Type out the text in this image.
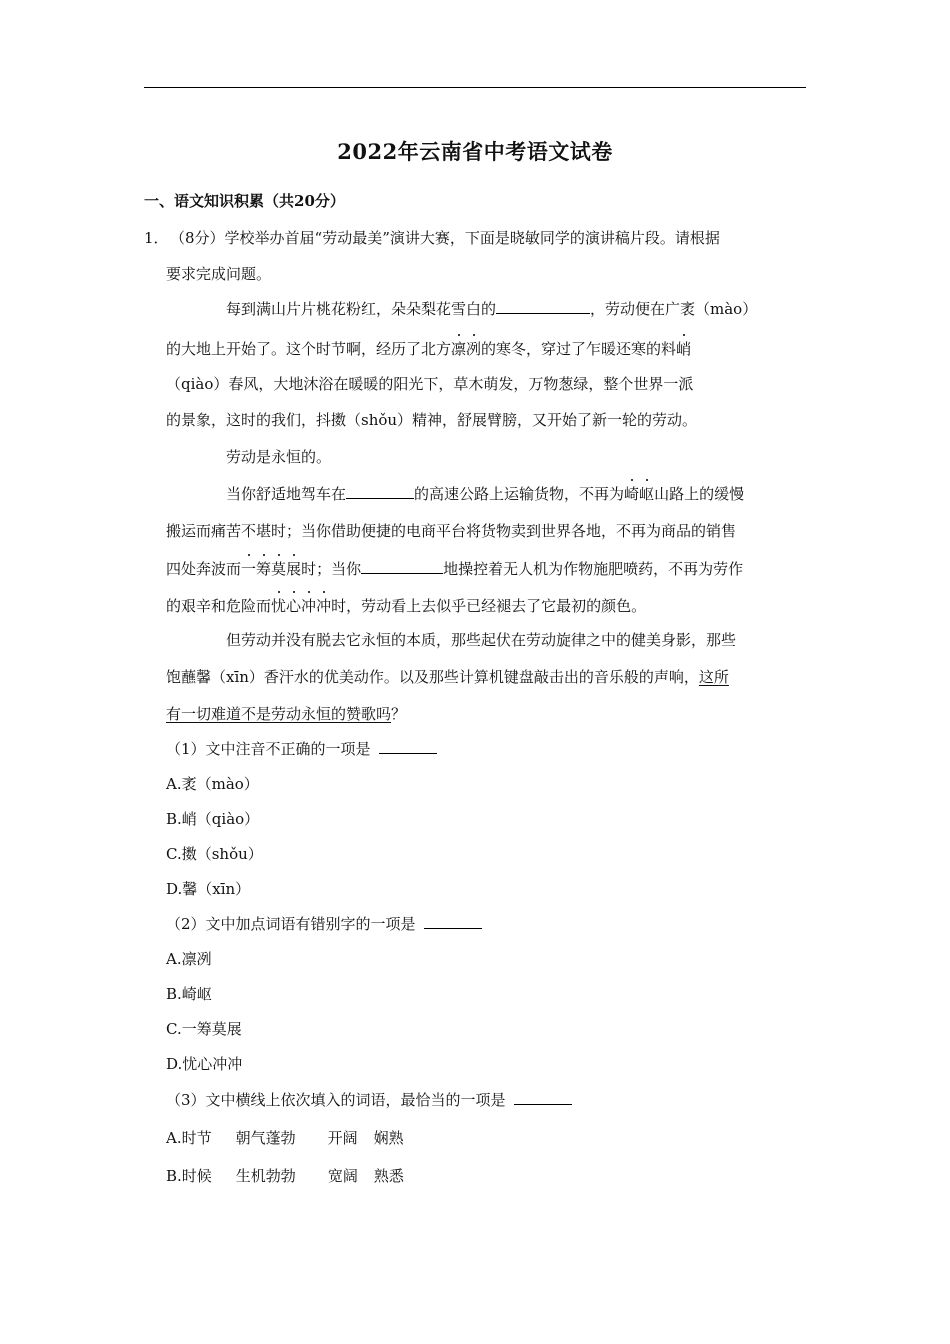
2022年云南省中考语文试卷
一、语文知识积累（共20分）
1． （8分）学校举办首届“劳动最美”演讲大赛，下面是晓敏同学的演讲稿片段。请根据
要求完成问题。
每到满山片片桃花粉红，朵朵梨花雪白的	，劳动便在广袤（mào）
的大地上开始了。这个时节啊，经历了北方凛冽的寒冬，穿过了乍暖还寒的料峭
（qiào）春风，大地沐浴在暖暖的阳光下，草木萌发，万物葱绿，整个世界一派
的景象，这时的我们，抖擞（shǒu）精神，舒展臂膀，又开始了新一轮的劳动。
劳动是永恒的。
当你舒适地驾车在	的高速公路上运输货物，不再为崎岖山路上的缓慢
搬运而痛苦不堪时；当你借助便捷的电商平台将货物卖到世界各地，不再为商品的销售
四处奔波而一筹莫展时；当你	地操控着无人机为作物施肥喷药，不再为劳作
的艰辛和危险而忧心冲冲时，劳动看上去似乎已经褪去了它最初的颜色。
但劳动并没有脱去它永恒的本质，那些起伏在劳动旋律之中的健美身影，那些
饱蘸馨（xīn）香汗水的优美动作。以及那些计算机键盘敲击出的音乐般的声响，这所
有一切难道不是劳动永恒的赞歌吗？
（1）文中注音不正确的一项是
A.袤（mào）
B.峭（qiào）
C.擞（shǒu）
D.馨（xīn）
（2）文中加点词语有错别字的一项是
A.凛冽
B.崎岖
C.一筹莫展
D.忧心冲冲
（3）文中横线上依次填入的词语，最恰当的一项是
A.时节 朝气蓬勃 开阔 娴熟
B.时候 生机勃勃 宽阔 熟悉
